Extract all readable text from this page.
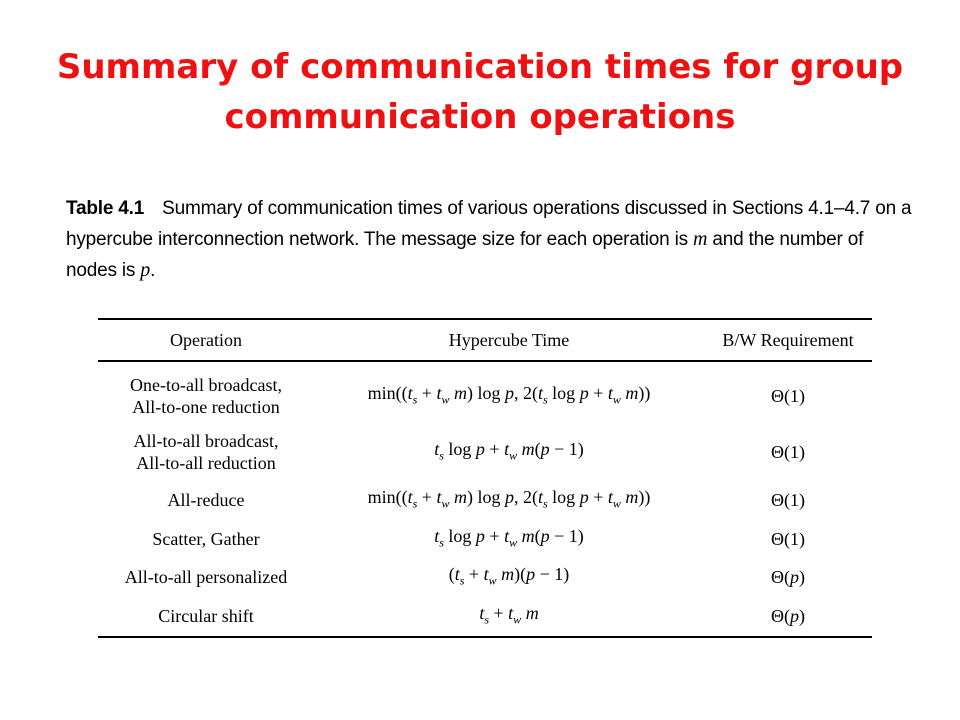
Summary of communication times for group communication operations
Table 4.1 Summary of communication times of various operations discussed in Sections 4.1–4.7 on a hypercube interconnection network. The message size for each operation is m and the number of nodes is p.
Operation	Hypercube Time	B/W Requirement

One-to-all broadcast,
All-to-one reduction	$\min((t_s + t_w$ m) log p, $2(t_s$ $\log p + t_w$ m))	Θ(1)

All-to-all broadcast,
All-to-all reduction	$t_s$ $\log p + t_w$ m(p − 1)	Θ(1)

All-reduce	$\min((t_s + t_w$ m) log p, $2(t_s$ $\log p + t_w$ m))	Θ(1)

Scatter, Gather	$t_s$ $\log p + t_w$ m(p − 1)	Θ(1)

All-to-all personalized	($t_s + t_w$ m)(p − 1)	Θ(p)

Circular shift	$t_s + t_w$ m	Θ(p)
